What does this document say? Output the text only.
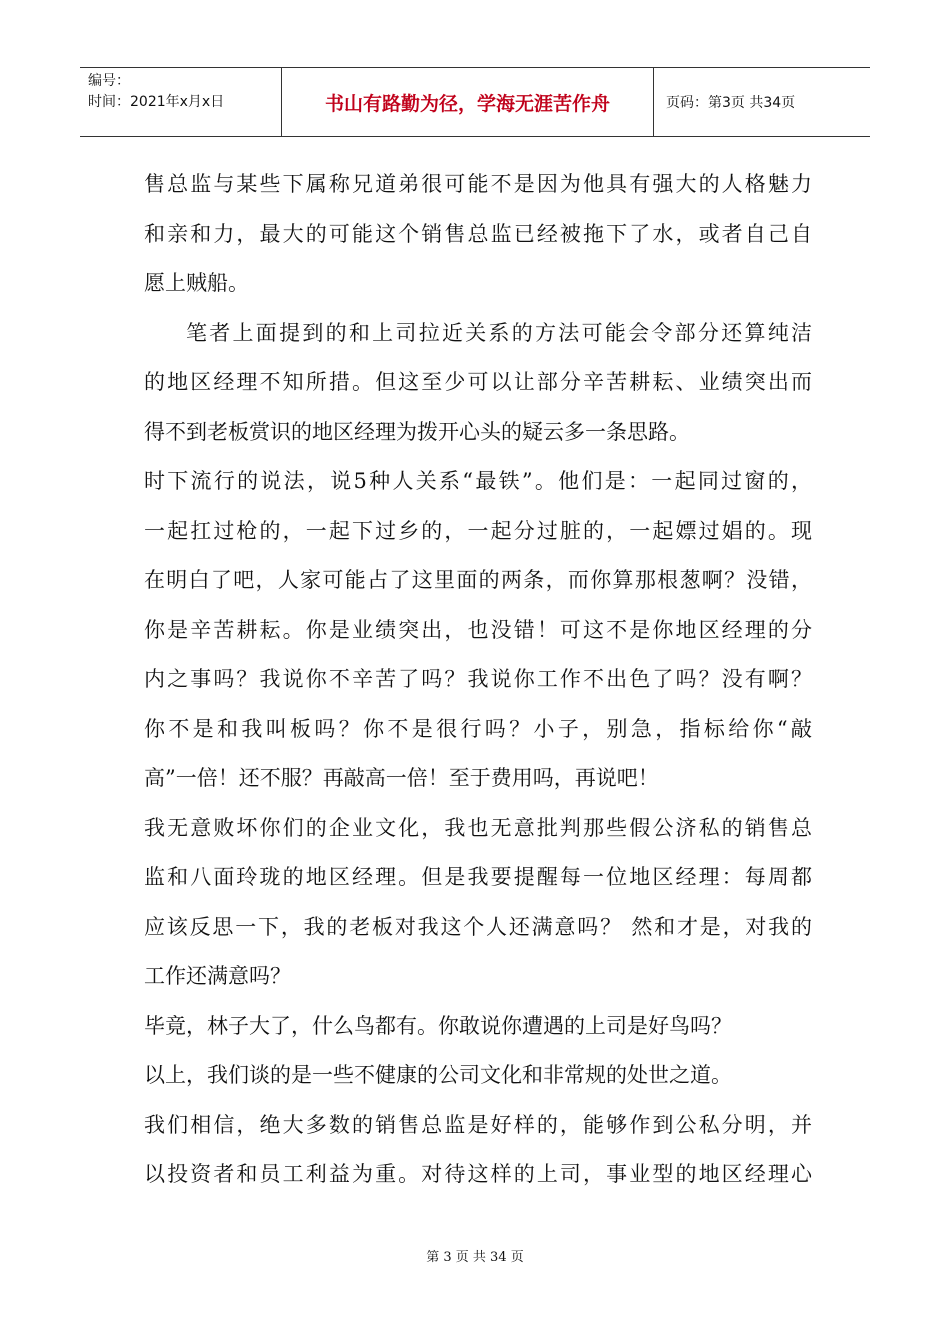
编号：
时间：2021年x月x日	书山有路勤为径，学海无涯苦作舟	页码：第3页 共34页
售总监与某些下属称兄道弟很可能不是因为他具有强大的人格魅力
和亲和力，最大的可能这个销售总监已经被拖下了水，或者自己自
愿上贼船。
笔者上面提到的和上司拉近关系的方法可能会令部分还算纯洁
的地区经理不知所措。但这至少可以让部分辛苦耕耘、业绩突出而
得不到老板赏识的地区经理为拨开心头的疑云多一条思路。
时下流行的说法，说5种人关系“最铁”。他们是：一起同过窗的，
一起扛过枪的，一起下过乡的，一起分过脏的，一起嫖过娼的。现
在明白了吧，人家可能占了这里面的两条，而你算那根葱啊？没错，
你是辛苦耕耘。你是业绩突出，也没错！可这不是你地区经理的分
内之事吗？我说你不辛苦了吗？我说你工作不出色了吗？没有啊？
你不是和我叫板吗？你不是很行吗？小子，别急，指标给你“敲
高”一倍！还不服？再敲高一倍！至于费用吗，再说吧！
我无意败坏你们的企业文化，我也无意批判那些假公济私的销售总
监和八面玲珑的地区经理。但是我要提醒每一位地区经理：每周都
应该反思一下，我的老板对我这个人还满意吗？ 然和才是，对我的
工作还满意吗？
毕竟，林子大了，什么鸟都有。你敢说你遭遇的上司是好鸟吗？
以上，我们谈的是一些不健康的公司文化和非常规的处世之道。
我们相信，绝大多数的销售总监是好样的，能够作到公私分明，并
以投资者和员工利益为重。对待这样的上司，事业型的地区经理心
第 3 页 共 34 页
